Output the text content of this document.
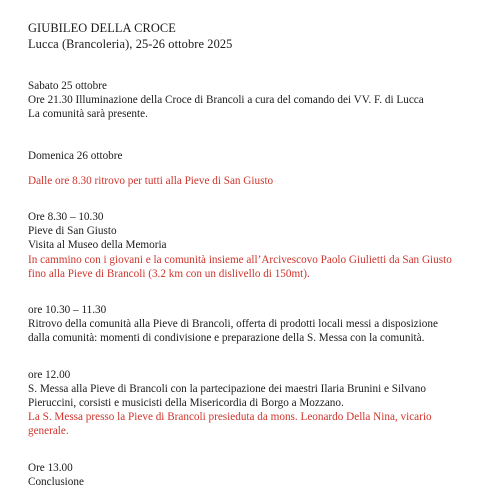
GIUBILEO DELLA CROCE
Lucca (Brancoleria), 25-26 ottobre 2025
Sabato 25 ottobre
Ore 21.30 Illuminazione della Croce di Brancoli a cura del comando dei VV. F. di Lucca
La comunità sarà presente.
Domenica 26 ottobre
Dalle ore 8.30 ritrovo per tutti alla Pieve di San Giusto
Ore 8.30 – 10.30
Pieve di San Giusto
Visita al Museo della Memoria
In cammino con i giovani e la comunità insieme all’Arcivescovo Paolo Giulietti da San Giusto
fino alla Pieve di Brancoli (3.2 km con un dislivello di 150mt).
ore 10.30 – 11.30
Ritrovo della comunità alla Pieve di Brancoli, offerta di prodotti locali messi a disposizione
dalla comunità: momenti di condivisione e preparazione della S. Messa con la comunità.
ore 12.00
S. Messa alla Pieve di Brancoli con la partecipazione dei maestri Ilaria Brunini e Silvano
Pieruccini, corsisti e musicisti della Misericordia di Borgo a Mozzano.
La S. Messa presso la Pieve di Brancoli presieduta da mons. Leonardo Della Nina, vicario
generale.
Ore 13.00
Conclusione
